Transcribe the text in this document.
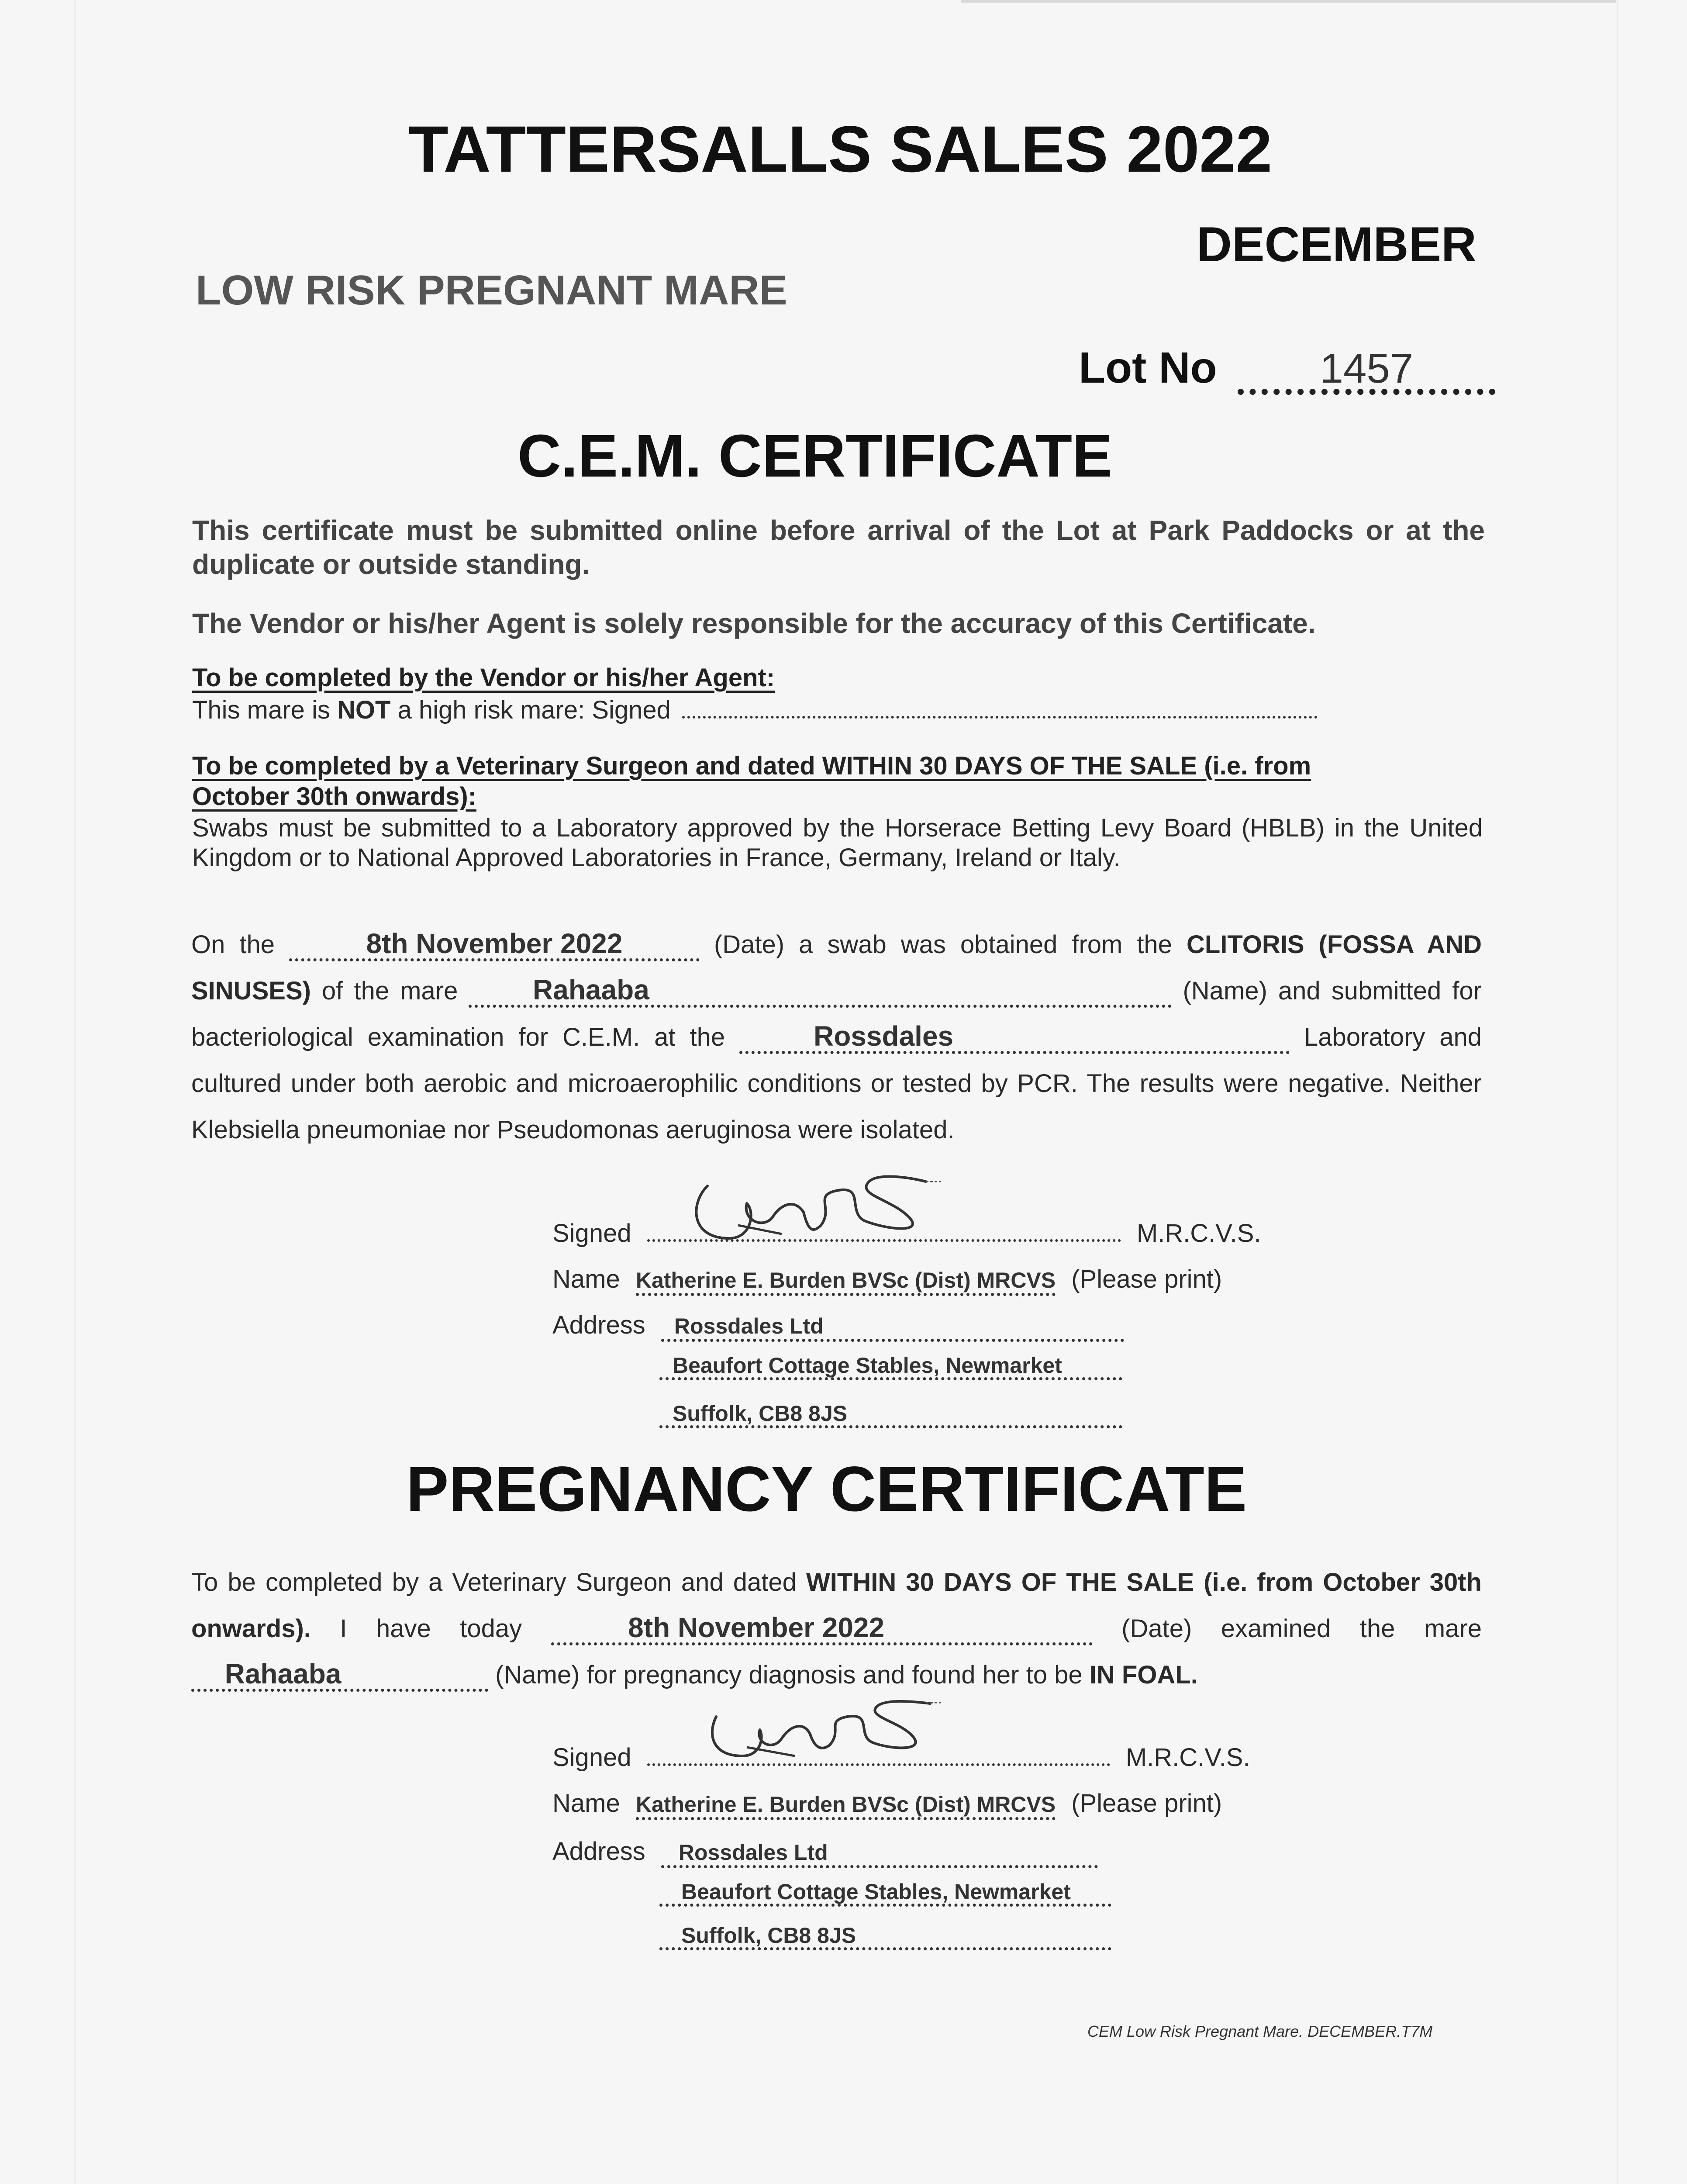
TATTERSALLS SALES 2022
DECEMBER
LOW RISK PREGNANT MARE
Lot No 1457
C.E.M. CERTIFICATE
This certificate must be submitted online before arrival of the Lot at Park Paddocks or at the duplicate or outside standing.
The Vendor or his/her Agent is solely responsible for the accuracy of this Certificate.
To be completed by the Vendor or his/her Agent:
This mare is NOT a high risk mare: Signed
To be completed by a Veterinary Surgeon and dated WITHIN 30 DAYS OF THE SALE (i.e. from
October 30th onwards):
Swabs must be submitted to a Laboratory approved by the Horserace Betting Levy Board (HBLB) in the United Kingdom or to National Approved Laboratories in France, Germany, Ireland or Italy.
On the	8th November 2022	(Date) a swab was obtained from the CLITORIS (FOSSA AND SINUSES) of the mare	Rahaaba	(Name) and submitted for bacteriological examination for C.E.M. at the	Rossdales	Laboratory and cultured under both aerobic and microaerophilic conditions or tested by PCR. The results were negative. Neither Klebsiella pneumoniae nor Pseudomonas aeruginosa were isolated.
Signed	M.R.C.V.S.
Name Katherine E. Burden BVSc (Dist) MRCVS (Please print)
Address Rossdales Ltd
Beaufort Cottage Stables, Newmarket
Suffolk, CB8 8JS
PREGNANCY CERTIFICATE
To be completed by a Veterinary Surgeon and dated WITHIN 30 DAYS OF THE SALE (i.e. from October 30th onwards). I have today	8th November 2022	(Date) examined the mare Rahaaba	(Name) for pregnancy diagnosis and found her to be IN FOAL.
Signed	M.R.C.V.S.
Name Katherine E. Burden BVSc (Dist) MRCVS (Please print)
Address Rossdales Ltd
Beaufort Cottage Stables, Newmarket
Suffolk, CB8 8JS
CEM Low Risk Pregnant Mare. DECEMBER.T7M
